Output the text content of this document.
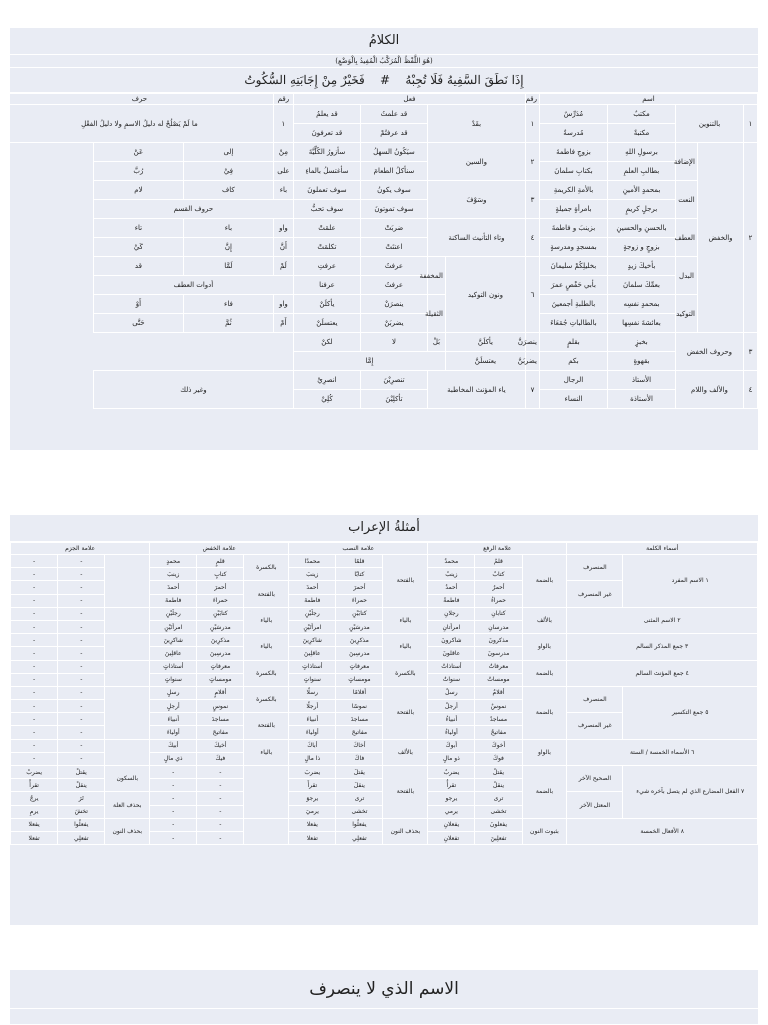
الكلامُ
(هُوَ اللَّفْظُ الْمُرَكَّبُ الْمُفِيدُ بِالْوَضْعِ)
إِذَا نَطَقَ السَّفِيهُ فَلَا تُجِبْهُ    #    فَخَيْرٌ مِنْ إِجَابَتِهِ السُّكُوتُ
اسم					رقم	فعل				رقم	حرف	
١	بالتنوين		مكتبٌ	مُدَرِّسٌ	١	بقَدْ		قد علمتُ	قد يعلمُ	١	ما لَمْ يَصْلُحْ له دليلُ الاسمِ ولا دليلُ الفعْلِ	
			مكتبةٌ	مُدرسةٌ				قد عرفتُمْ	قد تعرفونَ			
٢	والخفض	الإضافة	برسولِ اللهِ	بزوجِ فاطمةَ	٢	والسين		سيَكُونُ السهلُ	سأزورُ الكُلِّيَّةَ	مِنْ	إلى	عَنْ
			بطالبِ العلمِ	بكتابِ سلمانَ				سنأكلُ الطعامَ	سأغتسلُ بالماءِ	على	فِيْ	رُبَّ
		النعت	بمحمدٍ الأمينِ	بالأمةِ الكريمةِ	٣	وسَوْفَ		سوف يكونُ	سوف تعملونَ	باء	كاف	لام
			برجلٍ كريمٍ	بامرأةٍ جميلةٍ				سوف تموتونَ	سوف تحبُّ	حروف القسم		
		العطف	بالحسنِ والحسينِ	بزينبَ و فاطمةَ	٤	وتاء التأنيث الساكنة		ضربَتْ	علمَتْ	واو	باء	تاء
			بزوجٍ و زوجةٍ	بمسجدٍ ومدرسةٍ				اعتنَتْ	تكلمَتْ	أَنَّ	إِنَّ	كَيْ
		البدل	بأخيكَ زيدٍ	بخليلِكُمْ سليمانَ	٦	ونون التوكيد	المخففة	عرفتُ	عرفتِ	لَمْ	لَمَّا	قد
			بعمِّكَ سلمانَ	بأبي حَفْصٍ عمرَ				عرفتُ	عرفنا	أدوات العطف		
		التوكيد	بمحمدٍ نفسِه	بالطلبةِ أجمعينَ			الثقيلة	ينصرَنْ	يأكلَنْ	واو	فاء	أَوْ
			بعائشةَ نفسِها	بالطالباتِ جُمَعَاءَ				يضربَنْ	يعتسلَنْ	أَمْ	ثُمَّ	حَتَّى
٣	وحروف الخفض		بخبزٍ	بقلمٍ	ينصرَنَّ	يأكلَنَّ	بَلْ	لا	لكنْ			
			بقهوةٍ	بكم	يضربَنَّ	يعتسلَنَّ	إِمَّا					
٤	والألف واللام		الأستاذ	الرجال	٧	ياء المؤنث المخاطبة		تنصرِيْنَ	انصرِيْ	وغير ذلك		
			الأستاذة	النساء				تأكلِيْنَ	كُلِيْ			
أمثلةُ الإعراب
أسماء الكلمة		علامة الرفع			علامة النصب			علامة الخفض			علامة الجزم		
١ الاسم المفرد	المنصرف	بالضمة	قلمٌ	محمدٌ	بالفتحة	قلمًا	محمدًا	بالكسرة	قلمٍ	محمدٍ		-	-
			كتابٌ	زينبُ		كتابًا	زينبَ		كتابٍ	زينبَ		-	-
	غير المنصرف		أحمرُ	أحمدُ		أحمرَ	أحمدَ	بالفتحة	أحمرَ	أحمدَ		-	-
			حمراءُ	فاطمةُ		حمراءَ	فاطمةَ		حمراءَ	فاطمةَ		-	-
٢ الاسم المثنى		بالألف	كتابانِ	رجلانِ	بالياء	كتابَيْنِ	رجلَيْنِ	بالياء	كتابَيْنِ	رجلَيْنِ		-	-
			مدرسانِ	امرأتانِ		مدرسَيْنِ	امرأتَيْنِ		مدرسَيْنِ	امرأتَيْنِ		-	-
٣ جمع المذكر السالم		بالواو	مذكرونَ	شاكرونَ	بالياء	مذكرِينَ	شاكرِينَ	بالياء	مذكرِينَ	شاكرِينَ		-	-
			مدرسونَ	عاقلونَ		مدرسِينَ	عاقلِينَ		مدرسِينَ	عاقلِينَ		-	-
٤ جمع المؤنث السالم		بالضمة	معرفاتٌ	أستاذاتٌ	بالكسرة	معرفاتٍ	أستاذاتٍ	بالكسرة	معرفاتٍ	أستاذاتٍ		-	-
			مومساتٌ	سنواتٌ		مومساتٍ	سنواتٍ		مومساتٍ	سنواتٍ		-	-
٥ جمع التكسير	المنصرف	بالضمة	أقلامٌ	رسلٌ	بالفتحة	أقلامًا	رسلًا	بالكسرة	أقلامٍ	رسلٍ		-	-
			نموسٌ	أرجلٌ		نموسًا	أرجلًا		نموسٍ	أرجلٍ		-	-
	غير المنصرف		مساجدُ	أنبياءُ		مساجدَ	أنبياءَ	بالفتحة	مساجدَ	أنبياءَ		-	-
			مفاتيحُ	أولياءُ		مفاتيحَ	أولياءَ		مفاتيحَ	أولياءَ		-	-
٦ الأسماء الخمسة / الستة		بالواو	أخوكَ	أبوكَ	بالألف	أخاكَ	أباكَ	بالياء	أخيكَ	أبيكَ		-	-
			فوكَ	ذو مالٍ		فاكَ	ذا مالٍ		فيكَ	ذي مالٍ		-	-
٧ الفعل المضارع الذي لم يتصل بآخره شيء	الصحيح الآخر	بالضمة	يقتلُ	يضربُ	بالفتحة	يقتلَ	يضربَ		-	-	بالسكون	يقتلْ	يضربْ
			ينقلُ	تقرأُ		ينقلَ	تقرأَ		-	-		ينقلْ	تقرأْ
	المعتل الآخر		ترى	يرجو		ترى	يرجوَ		-	-	بحذف العلة	تَرَ	يرجُ
			تخشى	يرمي		تخشى	يرميَ		-	-		تخشَ	يرمِ
٨ الأفعال الخمسة		بثبوت النون	يفعلونَ	يفعلانِ	بحذف النون	يفعلُوا	يفعلا		-	-	بحذف النون	يفعلُوا	يفعلا
			تفعلِينَ	تفعلانِ		تفعلِي	تفعلا		-	-		تفعلِي	تفعلا
الاسم الذي لا ينصرف
